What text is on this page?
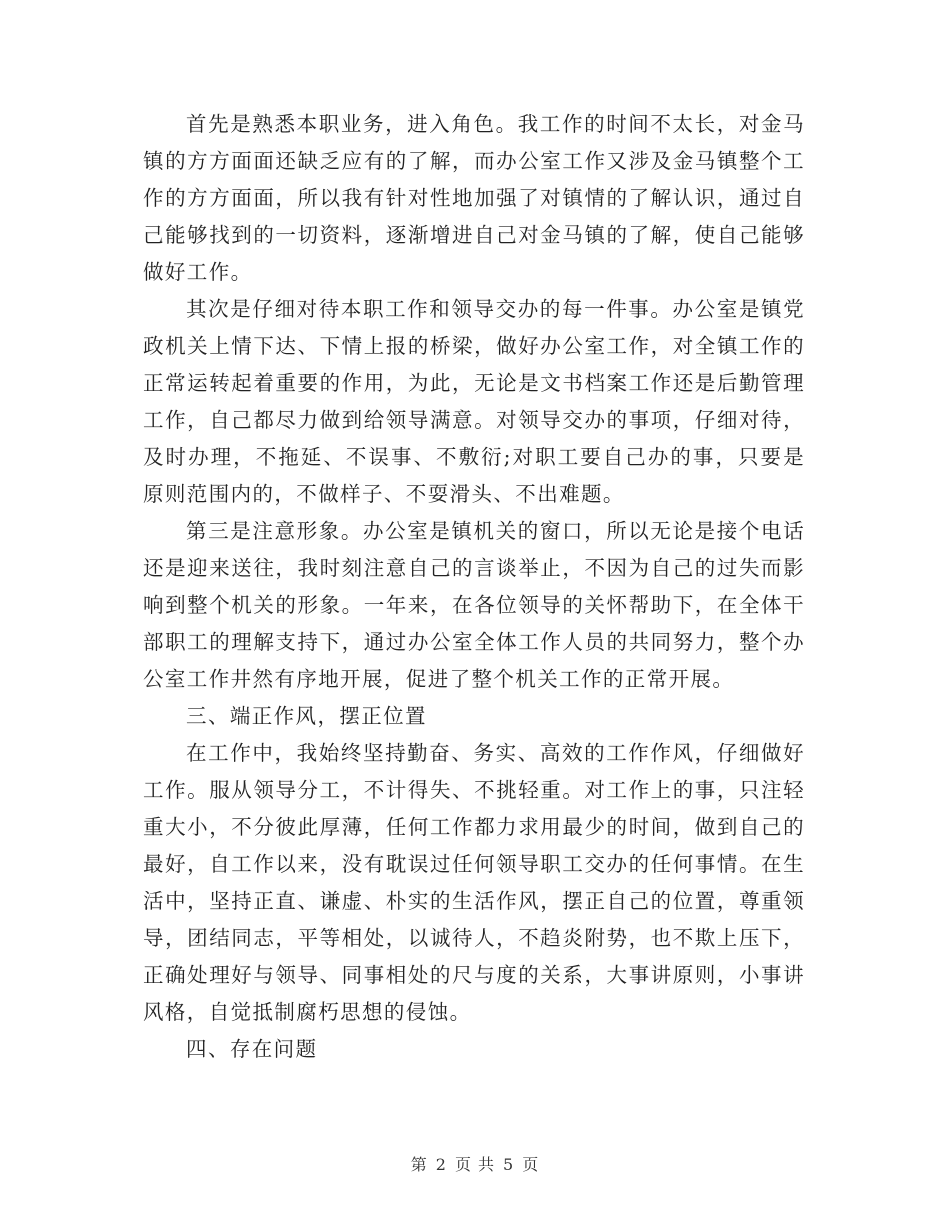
首先是熟悉本职业务，进入角色。我工作的时间不太长，对金马镇的方方面面还缺乏应有的了解，而办公室工作又涉及金马镇整个工作的方方面面，所以我有针对性地加强了对镇情的了解认识，通过自己能够找到的一切资料，逐渐增进自己对金马镇的了解，使自己能够做好工作。

其次是仔细对待本职工作和领导交办的每一件事。办公室是镇党政机关上情下达、下情上报的桥梁，做好办公室工作，对全镇工作的正常运转起着重要的作用，为此，无论是文书档案工作还是后勤管理工作，自己都尽力做到给领导满意。对领导交办的事项，仔细对待，及时办理，不拖延、不误事、不敷衍;对职工要自己办的事，只要是原则范围内的，不做样子、不耍滑头、不出难题。

第三是注意形象。办公室是镇机关的窗口，所以无论是接个电话还是迎来送往，我时刻注意自己的言谈举止，不因为自己的过失而影响到整个机关的形象。一年来，在各位领导的关怀帮助下，在全体干部职工的理解支持下，通过办公室全体工作人员的共同努力，整个办公室工作井然有序地开展，促进了整个机关工作的正常开展。

三、端正作风，摆正位置

在工作中，我始终坚持勤奋、务实、高效的工作作风，仔细做好工作。服从领导分工，不计得失、不挑轻重。对工作上的事，只注轻重大小，不分彼此厚薄，任何工作都力求用最少的时间，做到自己的最好，自工作以来，没有耽误过任何领导职工交办的任何事情。在生活中，坚持正直、谦虚、朴实的生活作风，摆正自己的位置，尊重领导，团结同志，平等相处，以诚待人，不趋炎附势，也不欺上压下，正确处理好与领导、同事相处的尺与度的关系，大事讲原则，小事讲风格，自觉抵制腐朽思想的侵蚀。

四、存在问题

第 2 页 共 5 页
